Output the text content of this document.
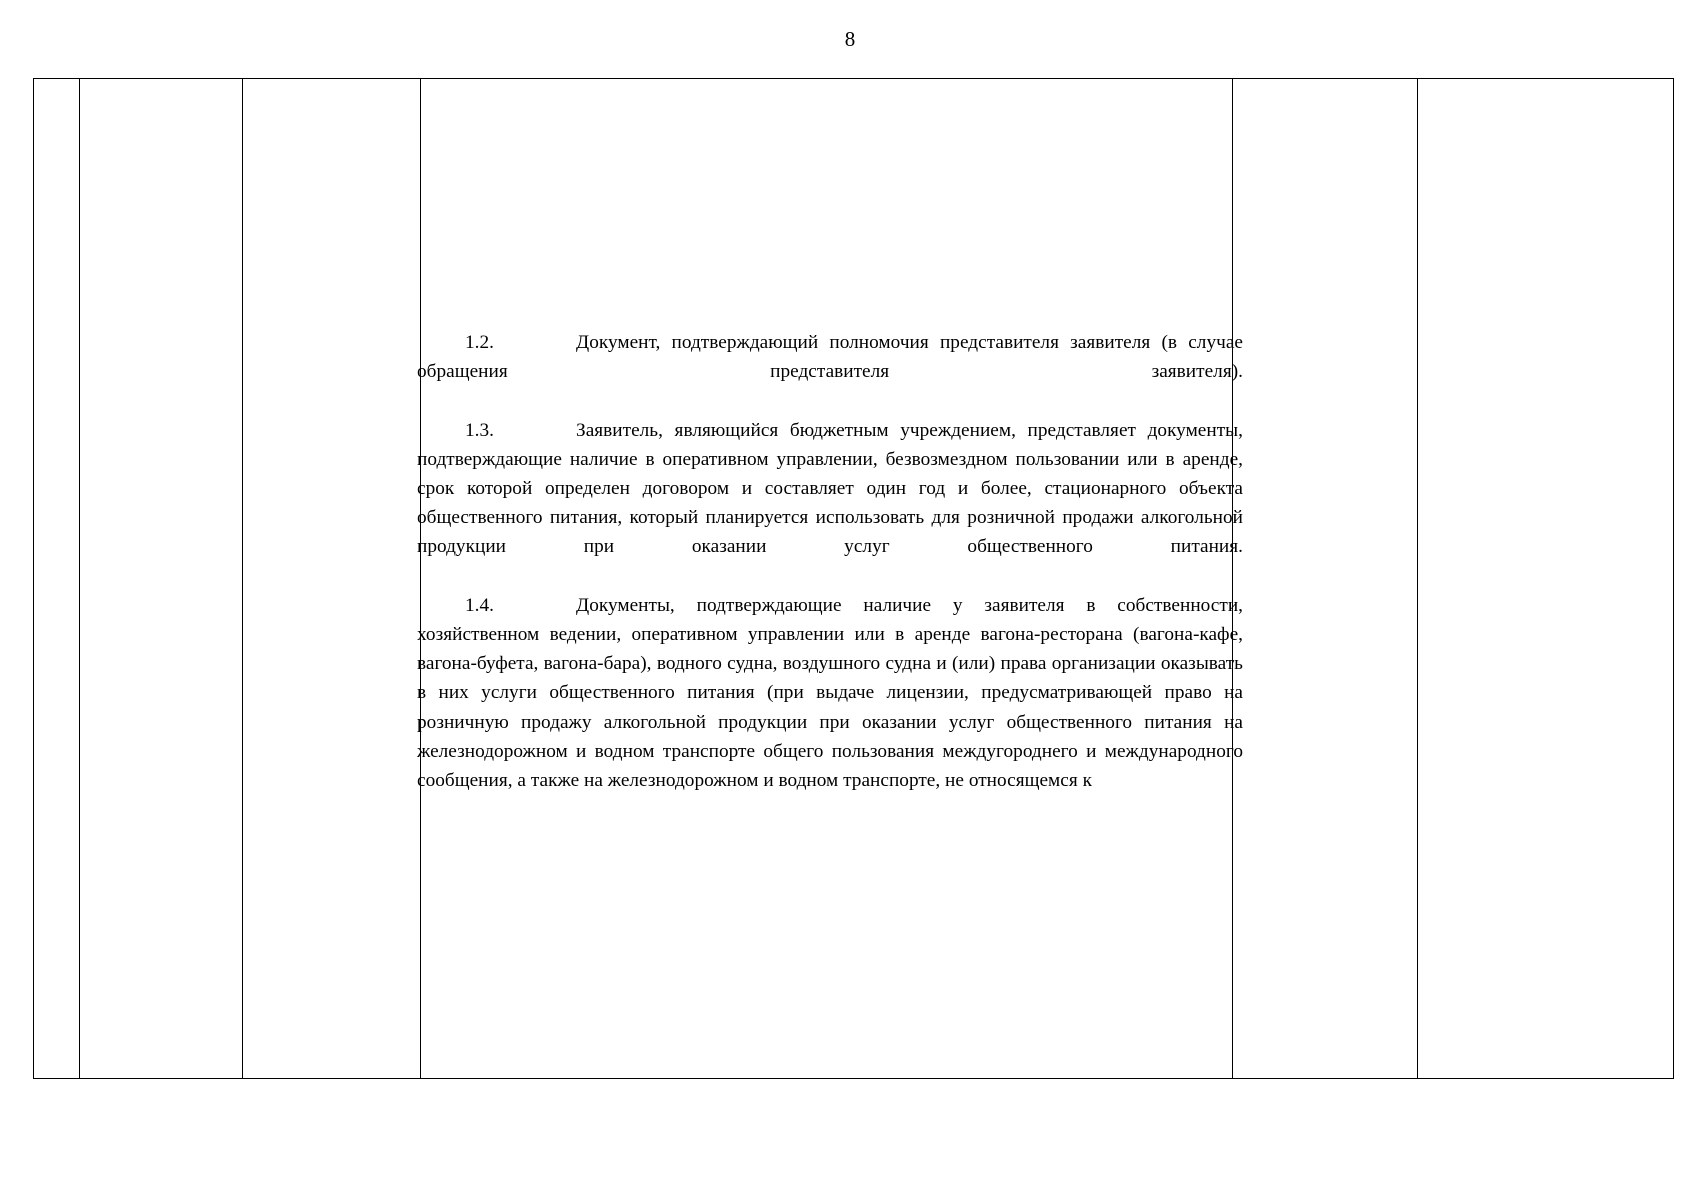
8

1.2.	Документ, подтверждающий полномочия представителя заявителя (в случае обращения представителя заявителя).

1.3.	Заявитель, являющийся бюджетным учреждением, представляет документы, подтверждающие наличие в оперативном управлении, безвозмездном пользовании или в аренде, срок которой определен договором и составляет один год и более, стационарного объекта общественного питания, который планируется использовать для розничной продажи алкогольной продукции при оказании услуг общественного питания.

1.4.	Документы, подтверждающие наличие у заявителя в собственности, хозяйственном ведении, оперативном управлении или в аренде вагона-ресторана (вагона-кафе, вагона-буфета, вагона-бара), водного судна, воздушного судна и (или) права организации оказывать в них услуги общественного питания (при выдаче лицензии, предусматривающей право на розничную продажу алкогольной продукции при оказании услуг общественного питания на железнодорожном и водном транспорте общего пользования междугороднего и международного сообщения, а также на железнодорожном и водном транспорте, не относящемся к
